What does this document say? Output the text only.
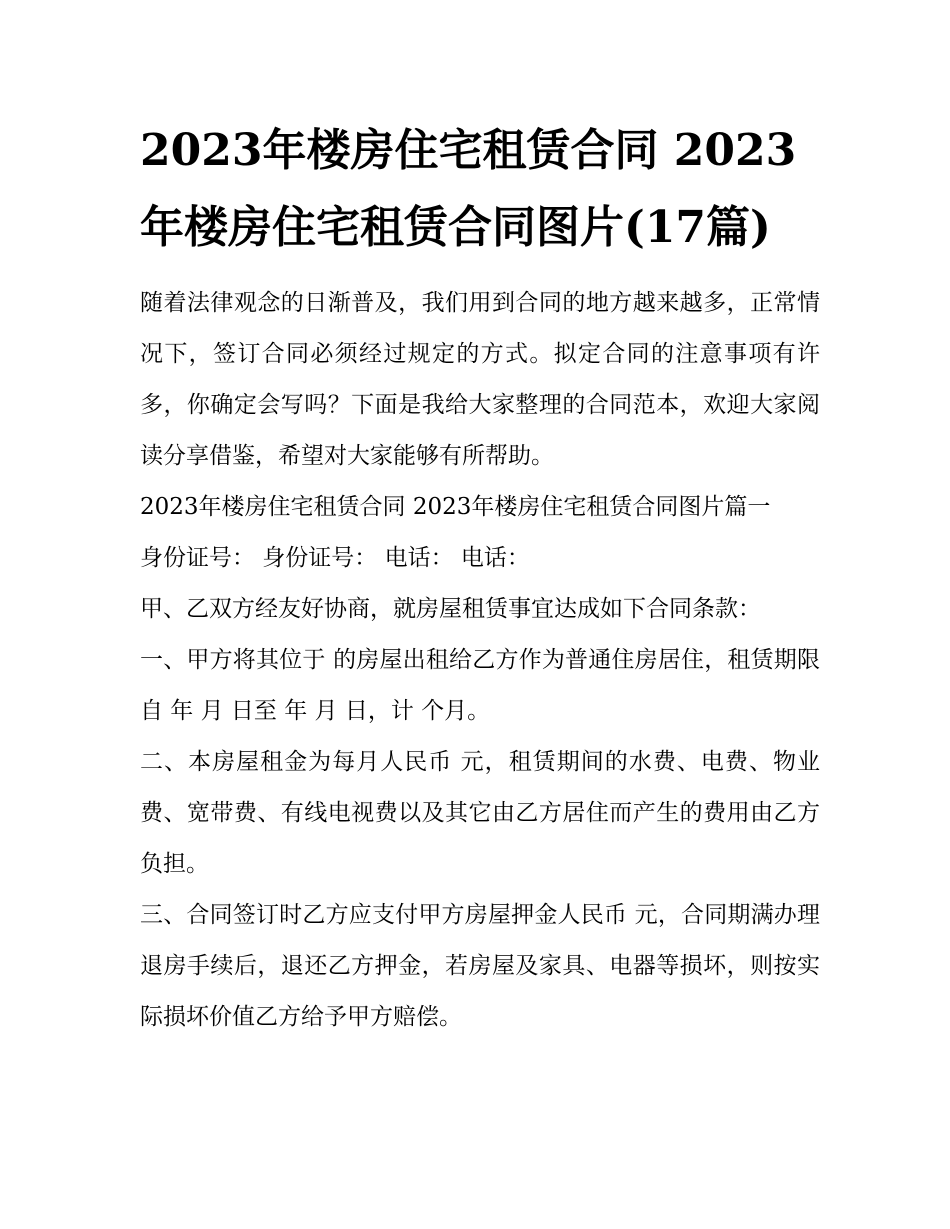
2023年楼房住宅租赁合同 2023年楼房住宅租赁合同图片(17篇)

随着法律观念的日渐普及，我们用到合同的地方越来越多，正常情况下，签订合同必须经过规定的方式。拟定合同的注意事项有许多，你确定会写吗？下面是我给大家整理的合同范本，欢迎大家阅读分享借鉴，希望对大家能够有所帮助。

2023年楼房住宅租赁合同 2023年楼房住宅租赁合同图片篇一

身份证号： 身份证号： 电话： 电话：

甲、乙双方经友好协商，就房屋租赁事宜达成如下合同条款：

一、甲方将其位于 的房屋出租给乙方作为普通住房居住，租赁期限自 年 月 日至 年 月 日，计 个月。

二、本房屋租金为每月人民币 元，租赁期间的水费、电费、物业费、宽带费、有线电视费以及其它由乙方居住而产生的费用由乙方负担。

三、合同签订时乙方应支付甲方房屋押金人民币 元，合同期满办理退房手续后，退还乙方押金，若房屋及家具、电器等损坏，则按实际损坏价值乙方给予甲方赔偿。
